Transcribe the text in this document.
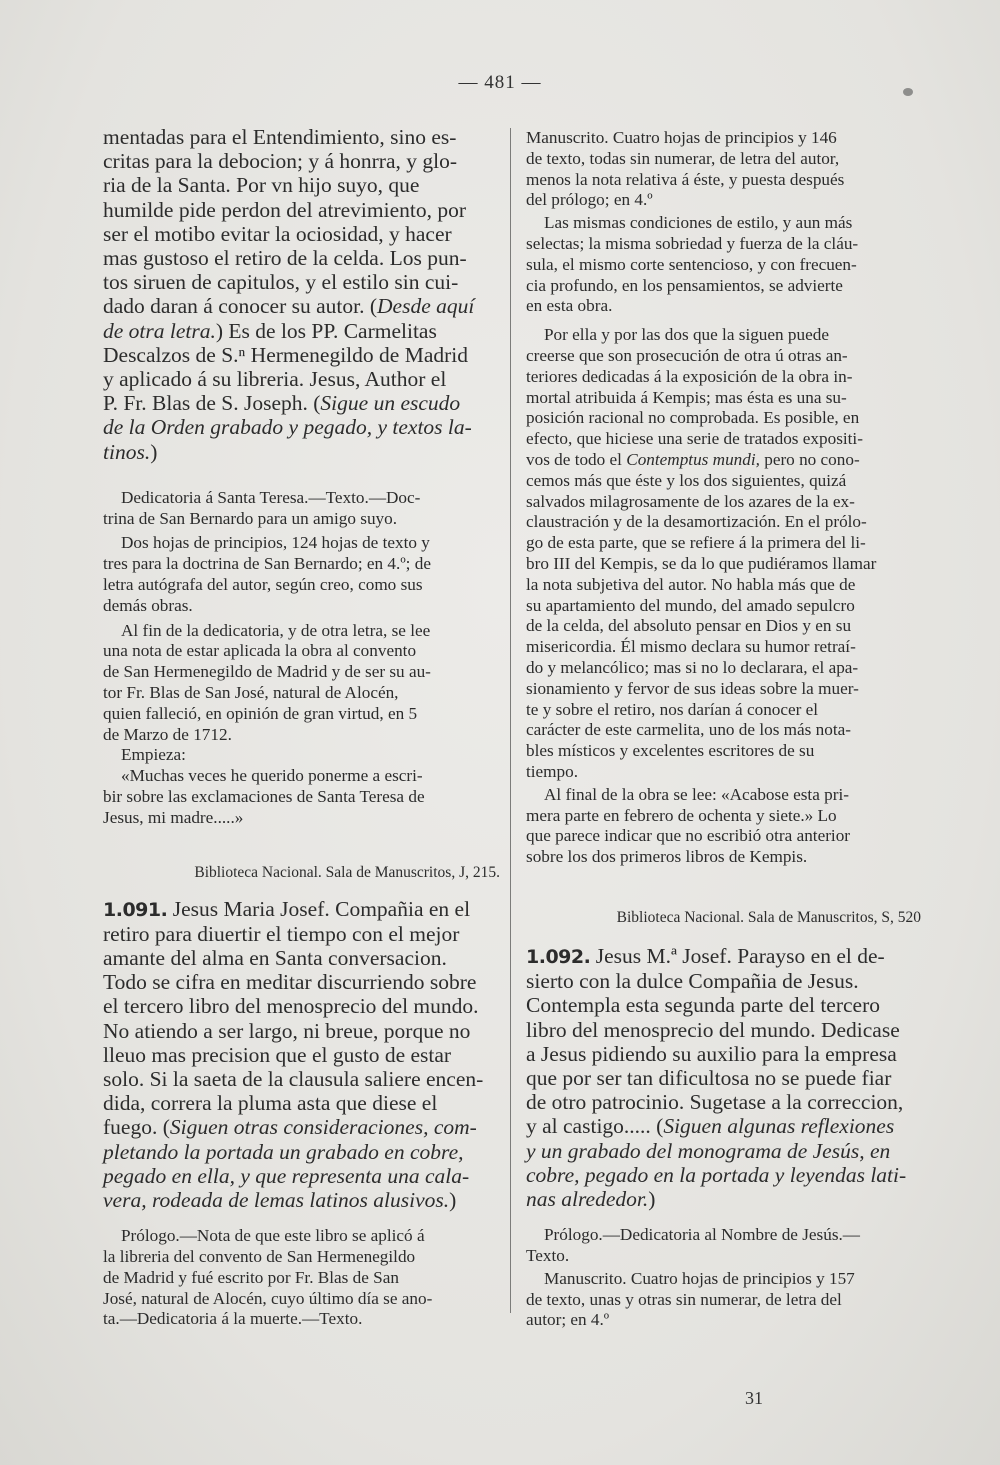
— 481 —

mentadas para el Entendimiento, sino es-
critas para la debocion; y á honrra, y glo-
ria de la Santa. Por vn hijo suyo, que
humilde pide perdon del atrevimiento, por
ser el motibo evitar la ociosidad, y hacer
mas gustoso el retiro de la celda. Los pun-
tos siruen de capitulos, y el estilo sin cui-
dado daran á conocer su autor. (Desde aquí
de otra letra.) Es de los PP. Carmelitas
Descalzos de S.ⁿ Hermenegildo de Madrid
y aplicado á su libreria. Jesus, Author el
P. Fr. Blas de S. Joseph. (Sigue un escudo
de la Orden grabado y pegado, y textos la-
tinos.)

Dedicatoria á Santa Teresa.—Texto.—Doc-
trina de San Bernardo para un amigo suyo.

Dos hojas de principios, 124 hojas de texto y
tres para la doctrina de San Bernardo; en 4.º; de
letra autógrafa del autor, según creo, como sus
demás obras.

Al fin de la dedicatoria, y de otra letra, se lee
una nota de estar aplicada la obra al convento
de San Hermenegildo de Madrid y de ser su au-
tor Fr. Blas de San José, natural de Alocén,
quien falleció, en opinión de gran virtud, en 5
de Marzo de 1712.

Empieza:

«Muchas veces he querido ponerme a escri-
bir sobre las exclamaciones de Santa Teresa de
Jesus, mi madre.....»

Biblioteca Nacional. Sala de Manuscritos, J, 215.

1.091. Jesus Maria Josef. Compañia en el
retiro para diuertir el tiempo con el mejor
amante del alma en Santa conversacion.
Todo se cifra en meditar discurriendo sobre
el tercero libro del menosprecio del mundo.
No atiendo a ser largo, ni breue, porque no
lleuo mas precision que el gusto de estar
solo. Si la saeta de la clausula saliere encen-
dida, correra la pluma asta que diese el
fuego. (Siguen otras consideraciones, com-
pletando la portada un grabado en cobre,
pegado en ella, y que representa una cala-
vera, rodeada de lemas latinos alusivos.)

Prólogo.—Nota de que este libro se aplicó á
la libreria del convento de San Hermenegildo
de Madrid y fué escrito por Fr. Blas de San
José, natural de Alocén, cuyo último día se ano-
ta.—Dedicatoria á la muerte.—Texto.

Manuscrito. Cuatro hojas de principios y 146
de texto, todas sin numerar, de letra del autor,
menos la nota relativa á éste, y puesta después
del prólogo; en 4.º

Las mismas condiciones de estilo, y aun más
selectas; la misma sobriedad y fuerza de la cláu-
sula, el mismo corte sentencioso, y con frecuen-
cia profundo, en los pensamientos, se advierte
en esta obra.

Por ella y por las dos que la siguen puede
creerse que son prosecución de otra ú otras an-
teriores dedicadas á la exposición de la obra in-
mortal atribuida á Kempis; mas ésta es una su-
posición racional no comprobada. Es posible, en
efecto, que hiciese una serie de tratados expositi-
vos de todo el Contemptus mundi, pero no cono-
cemos más que éste y los dos siguientes, quizá
salvados milagrosamente de los azares de la ex-
claustración y de la desamortización. En el prólo-
go de esta parte, que se refiere á la primera del li-
bro III del Kempis, se da lo que pudiéramos llamar
la nota subjetiva del autor. No habla más que de
su apartamiento del mundo, del amado sepulcro
de la celda, del absoluto pensar en Dios y en su
misericordia. Él mismo declara su humor retraí-
do y melancólico; mas si no lo declarara, el apa-
sionamiento y fervor de sus ideas sobre la muer-
te y sobre el retiro, nos darían á conocer el
carácter de este carmelita, uno de los más nota-
bles místicos y excelentes escritores de su
tiempo.

Al final de la obra se lee: «Acabose esta pri-
mera parte en febrero de ochenta y siete.» Lo
que parece indicar que no escribió otra anterior
sobre los dos primeros libros de Kempis.

Biblioteca Nacional. Sala de Manuscritos, S, 520

1.092. Jesus M.ª Josef. Parayso en el de-
sierto con la dulce Compañia de Jesus.
Contempla esta segunda parte del tercero
libro del menosprecio del mundo. Dedicase
a Jesus pidiendo su auxilio para la empresa
que por ser tan dificultosa no se puede fiar
de otro patrocinio. Sugetase a la correccion,
y al castigo..... (Siguen algunas reflexiones
y un grabado del monograma de Jesús, en
cobre, pegado en la portada y leyendas lati-
nas alrededor.)

Prólogo.—Dedicatoria al Nombre de Jesús.—
Texto.

Manuscrito. Cuatro hojas de principios y 157
de texto, unas y otras sin numerar, de letra del
autor; en 4.º

31
